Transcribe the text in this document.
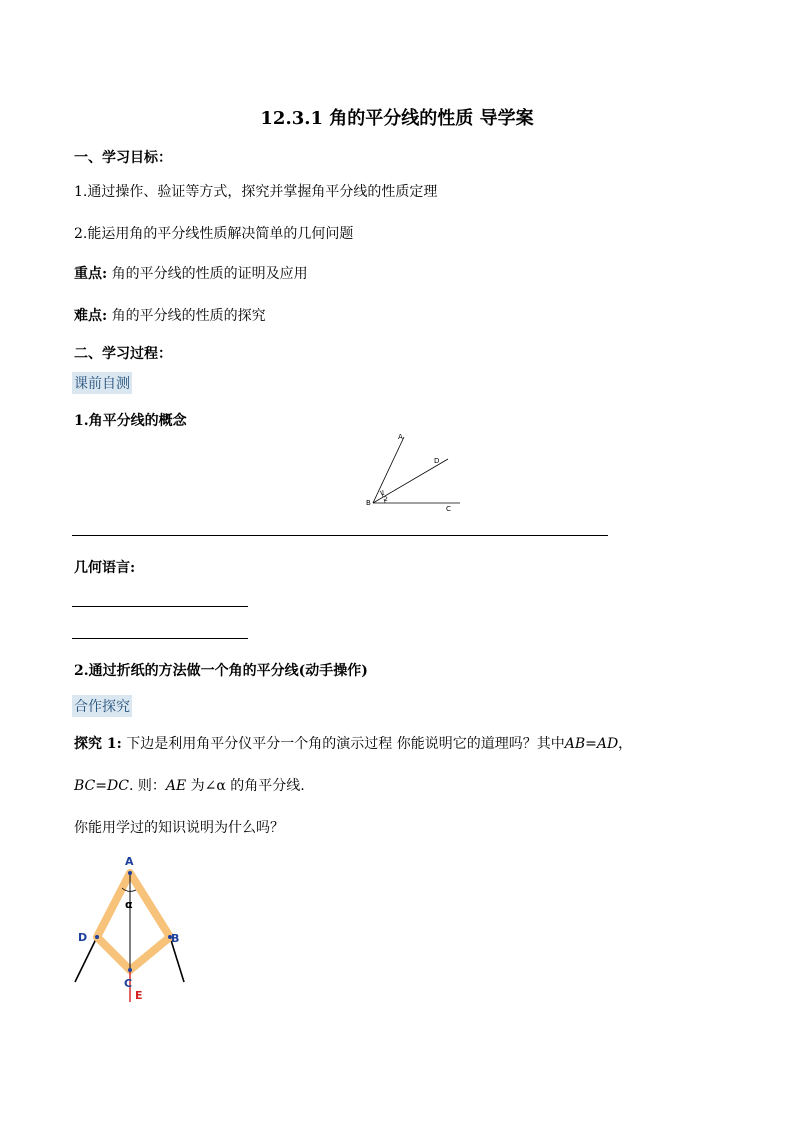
12.3.1 角的平分线的性质 导学案
一、学习目标：
1.通过操作、验证等方式，探究并掌握角平分线的性质定理
2.能运用角的平分线性质解决简单的几何问题
重点: 角的平分线的性质的证明及应用
难点: 角的平分线的性质的探究
二、学习过程：
课前自测
1.角平分线的概念
A
D
B
C
1
2
几何语言:
2.通过折纸的方法做一个角的平分线(动手操作)
合作探究
探究 1: 下边是利用角平分仪平分一个角的演示过程 你能说明它的道理吗？其中AB=AD，
BC=DC. 则：AE 为∠α 的角平分线.
你能用学过的知识说明为什么吗？
A
D	B
C
E
α
